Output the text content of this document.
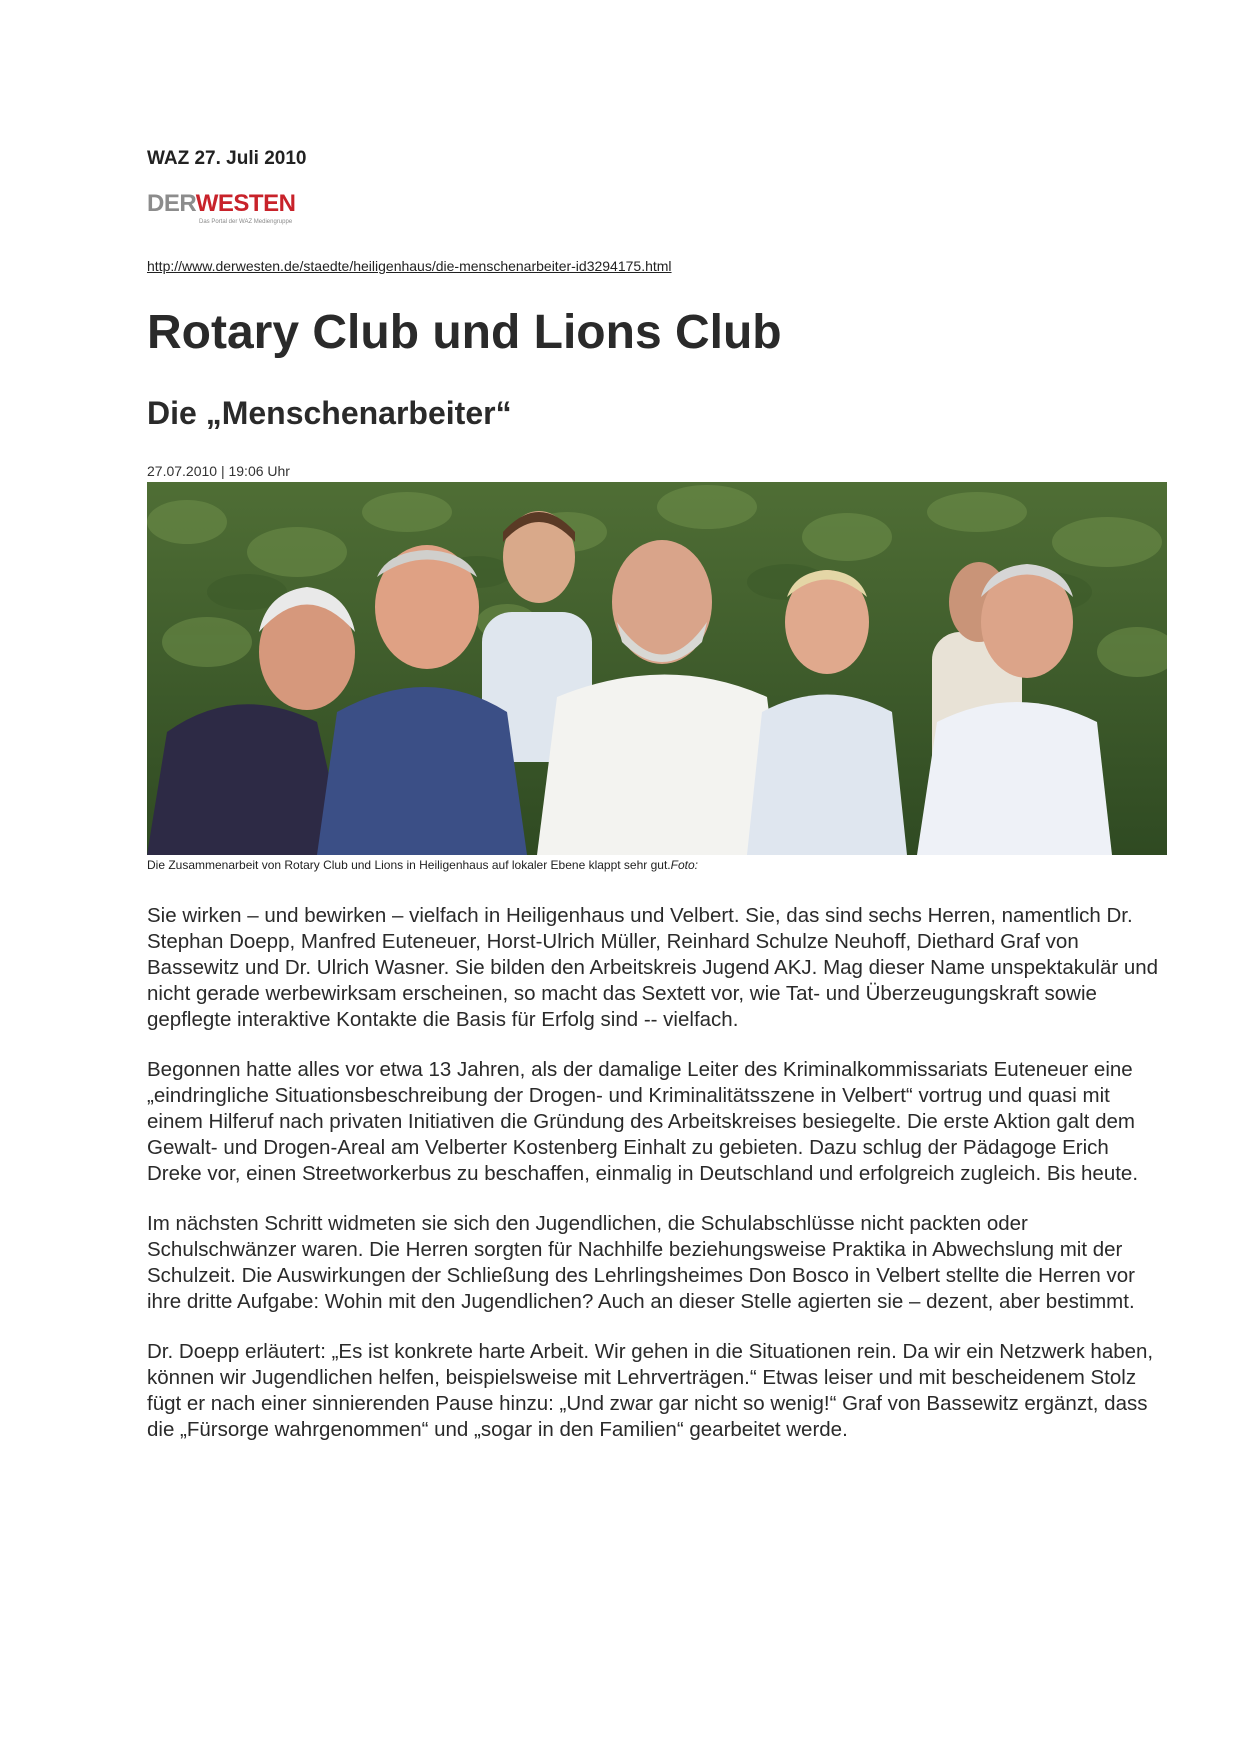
WAZ 27. Juli 2010
DERWESTEN
Das Portal der WAZ Mediengruppe
http://www.derwesten.de/staedte/heiligenhaus/die-menschenarbeiter-id3294175.html
Rotary Club und Lions Club
Die „Menschenarbeiter“
27.07.2010 | 19:06 Uhr
Die Zusammenarbeit von Rotary Club und Lions in Heiligenhaus auf lokaler Ebene klappt sehr gut.Foto:

Sie wirken – und bewirken – vielfach in Heiligenhaus und Velbert. Sie, das sind sechs Herren, namentlich Dr. Stephan Doepp, Manfred Euteneuer, Horst-Ulrich Müller, Reinhard Schulze Neuhoff, Diethard Graf von Bassewitz und Dr. Ulrich Wasner. Sie bilden den Arbeitskreis Jugend AKJ. Mag dieser Name unspektakulär und nicht gerade werbewirksam erscheinen, so macht das Sextett vor, wie Tat- und Überzeugungskraft sowie gepflegte interaktive Kontakte die Basis für Erfolg sind -- vielfach.

Begonnen hatte alles vor etwa 13 Jahren, als der damalige Leiter des Kriminalkommissariats Euteneuer eine „eindringliche Situationsbeschreibung der Drogen- und Kriminalitätsszene in Velbert“ vortrug und quasi mit einem Hilferuf nach privaten Initiativen die Gründung des Arbeitskreises besiegelte. Die erste Aktion galt dem Gewalt- und Drogen-Areal am Velberter Kostenberg Einhalt zu gebieten. Dazu schlug der Pädagoge Erich Dreke vor, einen Streetworkerbus zu beschaffen, einmalig in Deutschland und erfolgreich zugleich. Bis heute.

Im nächsten Schritt widmeten sie sich den Jugendlichen, die Schulabschlüsse nicht packten oder Schulschwänzer waren. Die Herren sorgten für Nachhilfe beziehungsweise Praktika in Abwechslung mit der Schulzeit. Die Auswirkungen der Schließung des Lehrlingsheimes Don Bosco in Velbert stellte die Herren vor ihre dritte Aufgabe: Wohin mit den Jugendlichen? Auch an dieser Stelle agierten sie – dezent, aber bestimmt.

Dr. Doepp erläutert: „Es ist konkrete harte Arbeit. Wir gehen in die Situationen rein. Da wir ein Netzwerk haben, können wir Jugendlichen helfen, beispielsweise mit Lehrverträgen.“ Etwas leiser und mit bescheidenem Stolz fügt er nach einer sinnierenden Pause hinzu: „Und zwar gar nicht so wenig!“ Graf von Bassewitz ergänzt, dass die „Fürsorge wahrgenommen“ und „sogar in den Familien“ gearbeitet werde.
